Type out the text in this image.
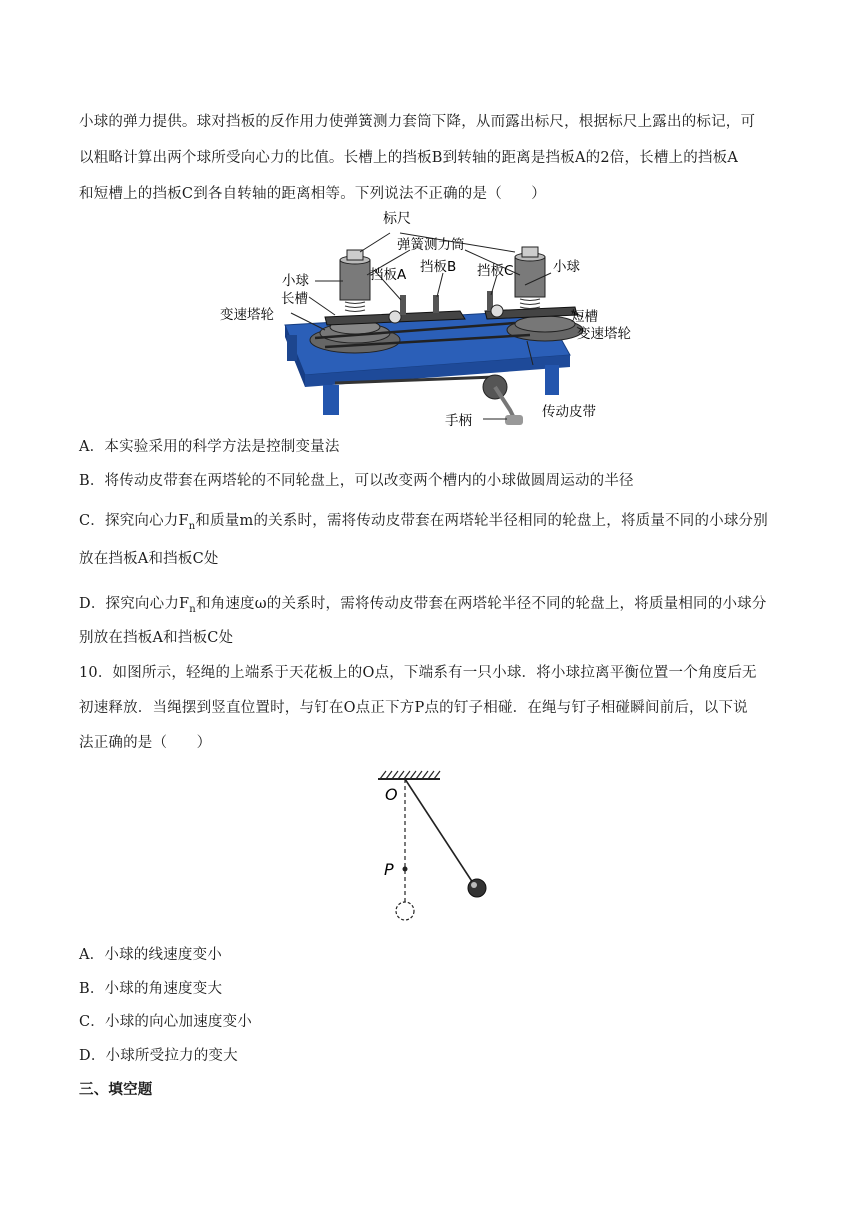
小球的弹力提供。球对挡板的反作用力使弹簧测力套筒下降，从而露出标尺，根据标尺上露出的标记，可
以粗略计算出两个球所受向心力的比值。长槽上的挡板B到转轴的距离是挡板A的2倍，长槽上的挡板A
和短槽上的挡板C到各自转轴的距离相等。下列说法不正确的是（　　）
标尺
弹簧测力筒
小球	挡板A 挡板B 挡板C	小球
长槽
变速塔轮	短槽
变速塔轮
传动皮带
手柄
A．本实验采用的科学方法是控制变量法
B．将传动皮带套在两塔轮的不同轮盘上，可以改变两个槽内的小球做圆周运动的半径
C．探究向心力$F_n$和质量m的关系时，需将传动皮带套在两塔轮半径相同的轮盘上，将质量不同的小球分别
放在挡板A和挡板C处
D．探究向心力$F_n$和角速度ω的关系时，需将传动皮带套在两塔轮半径不同的轮盘上，将质量相同的小球分
别放在挡板A和挡板C处
10．如图所示，轻绳的上端系于天花板上的O点，下端系有一只小球．将小球拉离平衡位置一个角度后无
初速释放．当绳摆到竖直位置时，与钉在O点正下方P点的钉子相碰．在绳与钉子相碰瞬间前后，以下说
法正确的是（　　）
O
P
A．小球的线速度变小
B．小球的角速度变大
C．小球的向心加速度变小
D．小球所受拉力的变大
三、填空题
